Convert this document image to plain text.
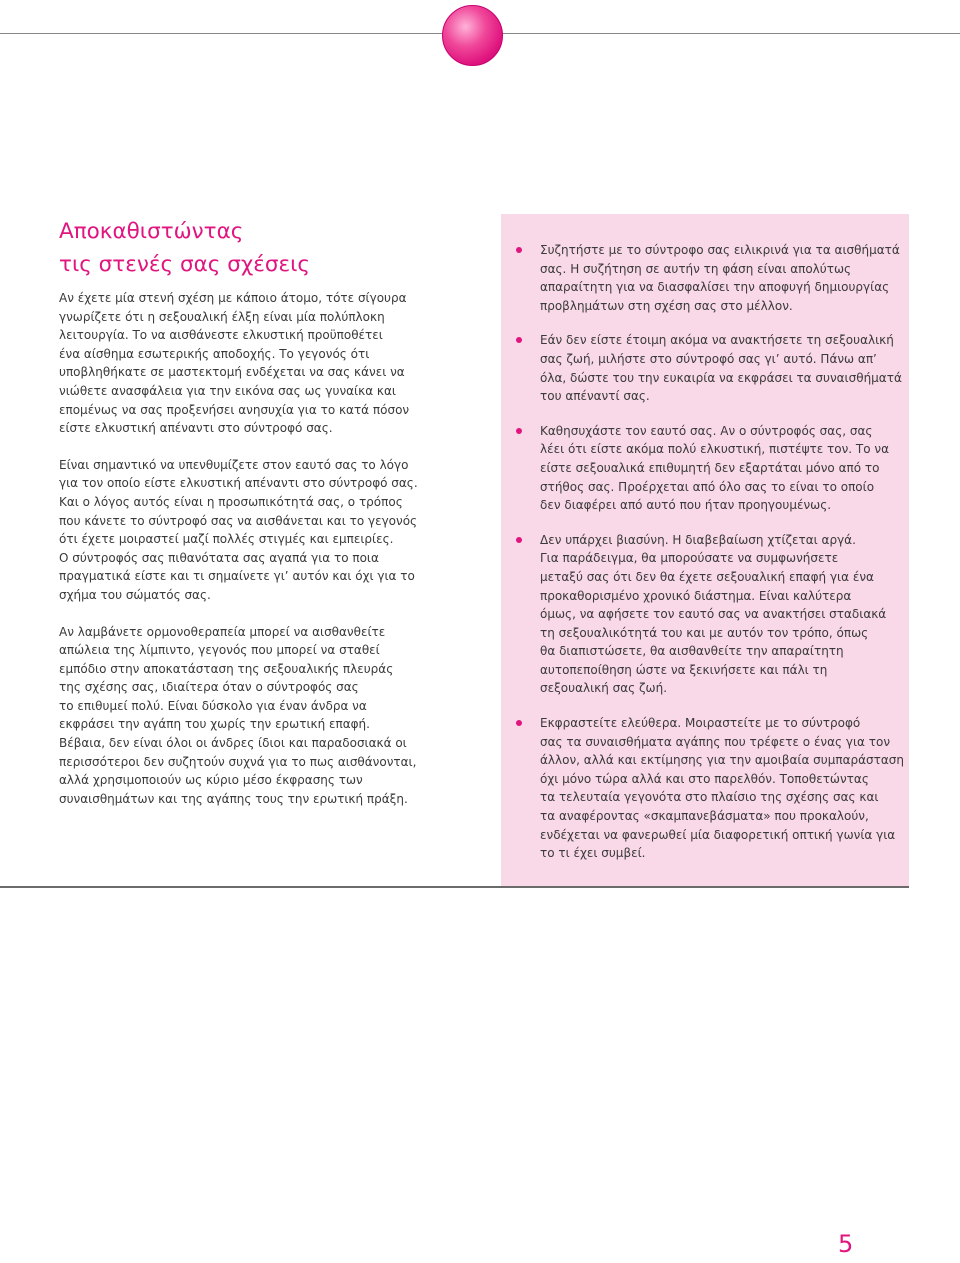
Αποκαθιστώντας
τις στενές σας σχέσεις

Αν έχετε μία στενή σχέση με κάποιο άτομο, τότε σίγουρα
γνωρίζετε ότι η σεξουαλική έλξη είναι μία πολύπλοκη
λειτουργία. Το να αισθάνεστε ελκυστική προϋποθέτει
ένα αίσθημα εσωτερικής αποδοχής. Το γεγονός ότι
υποβληθήκατε σε μαστεκτομή ενδέχεται να σας κάνει να
νιώθετε ανασφάλεια για την εικόνα σας ως γυναίκα και
επομένως να σας προξενήσει ανησυχία για το κατά πόσον
είστε ελκυστική απέναντι στο σύντροφό σας.

Είναι σημαντικό να υπενθυμίζετε στον εαυτό σας το λόγο
για τον οποίο είστε ελκυστική απέναντι στο σύντροφό σας.
Και ο λόγος αυτός είναι η προσωπικότητά σας, ο τρόπος
που κάνετε το σύντροφό σας να αισθάνεται και το γεγονός
ότι έχετε μοιραστεί μαζί πολλές στιγμές και εμπειρίες.
Ο σύντροφός σας πιθανότατα σας αγαπά για το ποια
πραγματικά είστε και τι σημαίνετε γι’ αυτόν και όχι για το
σχήμα του σώματός σας.

Αν λαμβάνετε ορμονοθεραπεία μπορεί να αισθανθείτε
απώλεια της λίμπιντο, γεγονός που μπορεί να σταθεί
εμπόδιο στην αποκατάσταση της σεξουαλικής πλευράς
της σχέσης σας, ιδιαίτερα όταν ο σύντροφός σας
το επιθυμεί πολύ. Είναι δύσκολο για έναν άνδρα να
εκφράσει την αγάπη του χωρίς την ερωτική επαφή.
Βέβαια, δεν είναι όλοι οι άνδρες ίδιοι και παραδοσιακά οι
περισσότεροι δεν συζητούν συχνά για το πως αισθάνονται,
αλλά χρησιμοποιούν ως κύριο μέσο έκφρασης των
συναισθημάτων και της αγάπης τους την ερωτική πράξη.

Συζητήστε με το σύντροφο σας ειλικρινά για τα αισθήματά
σας. Η συζήτηση σε αυτήν τη φάση είναι απολύτως
απαραίτητη για να διασφαλίσει την αποφυγή δημιουργίας
προβλημάτων στη σχέση σας στο μέλλον.
Εάν δεν είστε έτοιμη ακόμα να ανακτήσετε τη σεξουαλική
σας ζωή, μιλήστε στο σύντροφό σας γι’ αυτό. Πάνω απ’
όλα, δώστε του την ευκαιρία να εκφράσει τα συναισθήματά
του απέναντί σας.
Καθησυχάστε τον εαυτό σας. Αν ο σύντροφός σας, σας
λέει ότι είστε ακόμα πολύ ελκυστική, πιστέψτε τον. Το να
είστε σεξουαλικά επιθυμητή δεν εξαρτάται μόνο από το
στήθος σας. Προέρχεται από όλο σας το είναι το οποίο
δεν διαφέρει από αυτό που ήταν προηγουμένως.
Δεν υπάρχει βιασύνη. Η διαβεβαίωση χτίζεται αργά.
Για παράδειγμα, θα μπορούσατε να συμφωνήσετε
μεταξύ σας ότι δεν θα έχετε σεξουαλική επαφή για ένα
προκαθορισμένο χρονικό διάστημα. Είναι καλύτερα
όμως, να αφήσετε τον εαυτό σας να ανακτήσει σταδιακά
τη σεξουαλικότητά του και με αυτόν τον τρόπο, όπως
θα διαπιστώσετε, θα αισθανθείτε την απαραίτητη
αυτοπεποίθηση ώστε να ξεκινήσετε και πάλι τη
σεξουαλική σας ζωή.
Εκφραστείτε ελεύθερα. Μοιραστείτε με το σύντροφό
σας τα συναισθήματα αγάπης που τρέφετε ο ένας για τον
άλλον, αλλά και εκτίμησης για την αμοιβαία συμπαράσταση
όχι μόνο τώρα αλλά και στο παρελθόν. Τοποθετώντας
τα τελευταία γεγονότα στο πλαίσιο της σχέσης σας και
τα αναφέροντας «σκαμπανεβάσματα» που προκαλούν,
ενδέχεται να φανερωθεί μία διαφορετική οπτική γωνία για
το τι έχει συμβεί.
5
